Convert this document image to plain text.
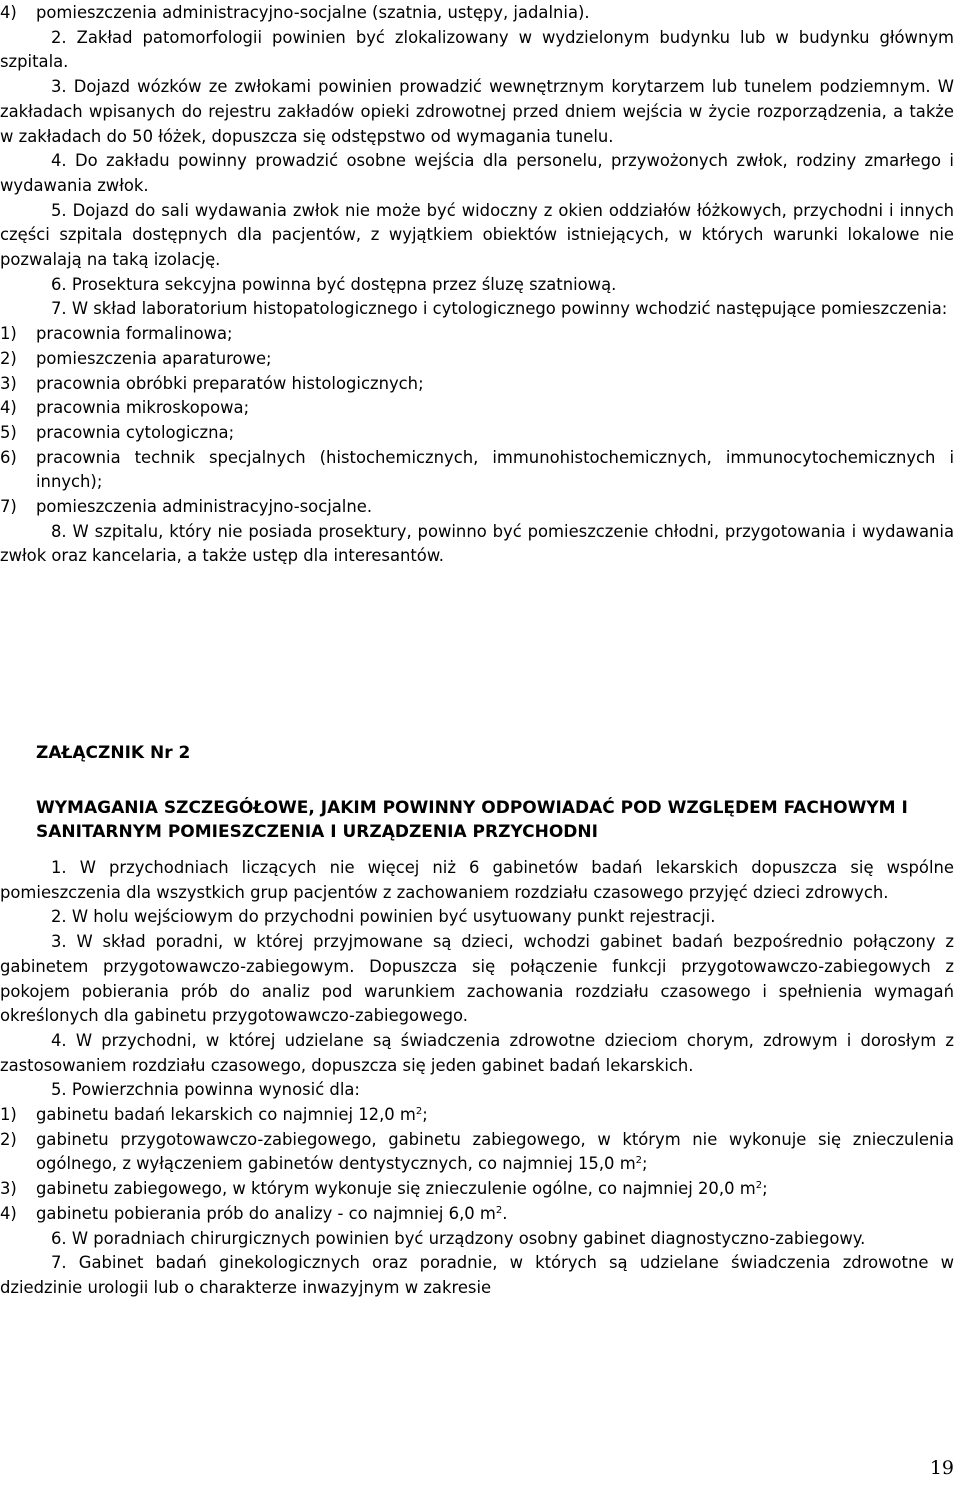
4) pomieszczenia administracyjno-socjalne (szatnia, ustępy, jadalnia).

2. Zakład patomorfologii powinien być zlokalizowany w wydzielonym budynku lub w budynku głównym szpitala.

3. Dojazd wózków ze zwłokami powinien prowadzić wewnętrznym korytarzem lub tunelem podziemnym. W zakładach wpisanych do rejestru zakładów opieki zdrowotnej przed dniem wejścia w życie rozporządzenia, a także w zakładach do 50 łóżek, dopuszcza się odstępstwo od wymagania tunelu.

4. Do zakładu powinny prowadzić osobne wejścia dla personelu, przywożonych zwłok, rodziny zmarłego i wydawania zwłok.

5. Dojazd do sali wydawania zwłok nie może być widoczny z okien oddziałów łóżkowych, przychodni i innych części szpitala dostępnych dla pacjentów, z wyjątkiem obiektów istniejących, w których warunki lokalowe nie pozwalają na taką izolację.

6. Prosektura sekcyjna powinna być dostępna przez śluzę szatniową.

7. W skład laboratorium histopatologicznego i cytologicznego powinny wchodzić następujące pomieszczenia:

1) pracownia formalinowa;

2) pomieszczenia aparaturowe;

3) pracownia obróbki preparatów histologicznych;

4) pracownia mikroskopowa;

5) pracownia cytologiczna;

6) pracownia technik specjalnych (histochemicznych, immunohistochemicznych, immunocytochemicznych i innych);

7) pomieszczenia administracyjno-socjalne.

8. W szpitalu, który nie posiada prosektury, powinno być pomieszczenie chłodni, przygotowania i wydawania zwłok oraz kancelaria, a także ustęp dla interesantów.

ZAŁĄCZNIK Nr 2

WYMAGANIA SZCZEGÓŁOWE, JAKIM POWINNY ODPOWIADAĆ POD WZGLĘDEM FACHOWYM I SANITARNYM POMIESZCZENIA I URZĄDZENIA PRZYCHODNI

1. W przychodniach liczących nie więcej niż 6 gabinetów badań lekarskich dopuszcza się wspólne pomieszczenia dla wszystkich grup pacjentów z zachowaniem rozdziału czasowego przyjęć dzieci zdrowych.

2. W holu wejściowym do przychodni powinien być usytuowany punkt rejestracji.

3. W skład poradni, w której przyjmowane są dzieci, wchodzi gabinet badań bezpośrednio połączony z gabinetem przygotowawczo-zabiegowym. Dopuszcza się połączenie funkcji przygotowawczo-zabiegowych z pokojem pobierania prób do analiz pod warunkiem zachowania rozdziału czasowego i spełnienia wymagań określonych dla gabinetu przygotowawczo-zabiegowego.

4. W przychodni, w której udzielane są świadczenia zdrowotne dzieciom chorym, zdrowym i dorosłym z zastosowaniem rozdziału czasowego, dopuszcza się jeden gabinet badań lekarskich.

5. Powierzchnia powinna wynosić dla:

1) gabinetu badań lekarskich co najmniej 12,0 $m^2$;

2) gabinetu przygotowawczo-zabiegowego, gabinetu zabiegowego, w którym nie wykonuje się znieczulenia ogólnego, z wyłączeniem gabinetów dentystycznych, co najmniej 15,0 $m^2$;

3) gabinetu zabiegowego, w którym wykonuje się znieczulenie ogólne, co najmniej 20,0 $m^2$;

4) gabinetu pobierania prób do analizy - co najmniej 6,0 $m^2$.

6. W poradniach chirurgicznych powinien być urządzony osobny gabinet diagnostyczno-zabiegowy.

7. Gabinet badań ginekologicznych oraz poradnie, w których są udzielane świadczenia zdrowotne w dziedzinie urologii lub o charakterze inwazyjnym w zakresie

19
